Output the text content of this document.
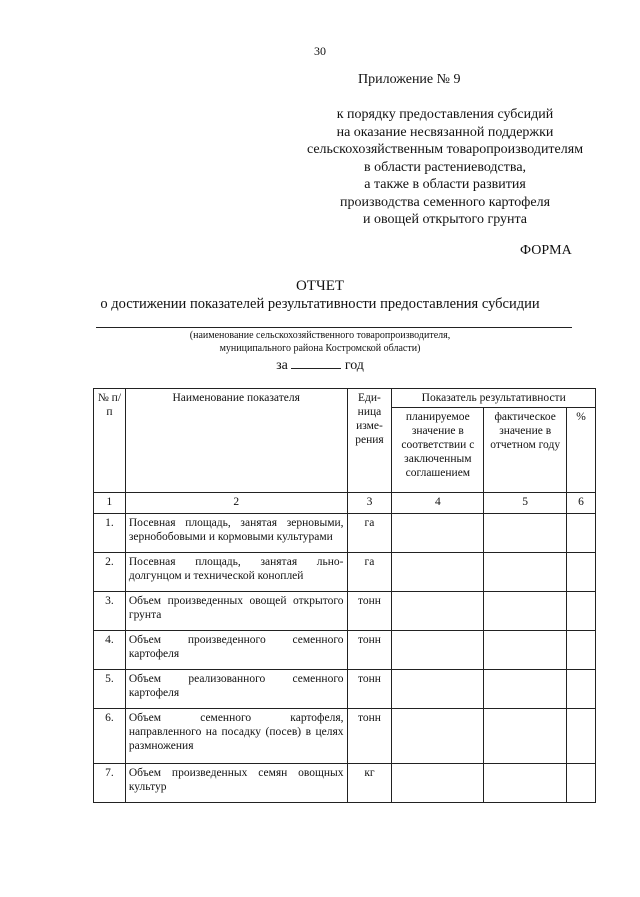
30
Приложение № 9
к порядку предоставления субсидий
на оказание несвязанной поддержки
сельскохозяйственным товаропроизводителям
в области растениеводства,
а также в области развития
производства семенного картофеля
и овощей открытого грунта
ФОРМА
ОТЧЕТ
о достижении показателей результативности предоставления субсидии
(наименование сельскохозяйственного товаропроизводителя,
муниципального района Костромской области)
за	год
№ п/п	Наименование показателя	Еди-ница изме-рения	Показатель результативности		
			планируемое значение в соответствии с заключенным соглашением	фактическое значение в отчетном году	%
1	2	3	4	5	6
1.	Посевная площадь, занятая зерновыми, зернобобовыми и кормовыми культурами	га			
2.	Посевная площадь, занятая льно-долгунцом и технической коноплей	га			
3.	Объем произведенных овощей открытого грунта	тонн			
4.	Объем произведенного семенного картофеля	тонн			
5.	Объем реализованного семенного картофеля	тонн			
6.	Объем семенного картофеля, направленного на посадку (посев) в целях размножения	тонн			
7.	Объем произведенных семян овощных культур	кг			
